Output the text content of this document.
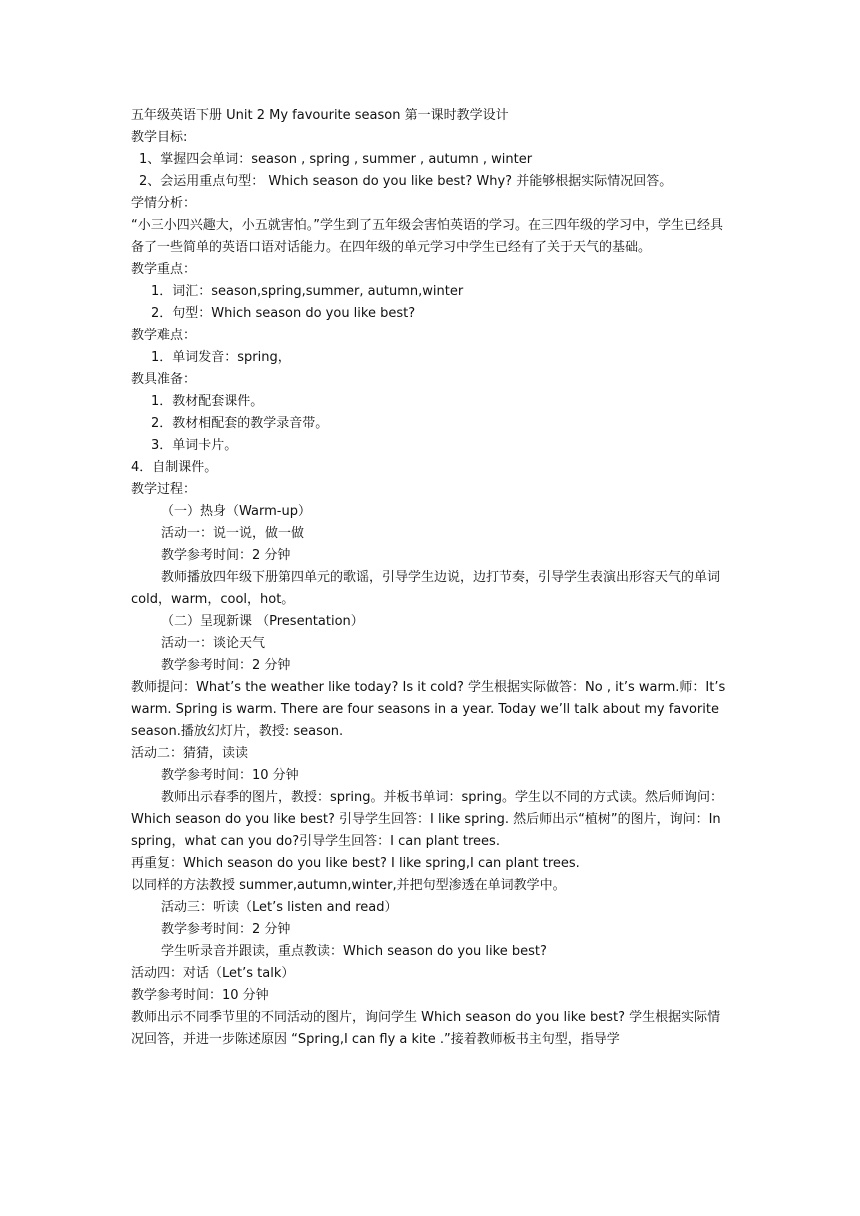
五年级英语下册 Unit 2 My favourite season 第一课时教学设计
教学目标:
1、掌握四会单词：season , spring , summer , autumn , winter
2、会运用重点句型： Which season do you like best? Why? 并能够根据实际情况回答。
学情分析：
“小三小四兴趣大，小五就害怕。”学生到了五年级会害怕英语的学习。在三四年级的学习中，学生已经具备了一些简单的英语口语对话能力。在四年级的单元学习中学生已经有了关于天气的基础。
教学重点：
1．词汇：season,spring,summer, autumn,winter
2．句型：Which season do you like best?
教学难点：
1．单词发音：spring，
教具准备：
1．教材配套课件。
2．教材相配套的教学录音带。
3．单词卡片。
4．自制课件。
教学过程：
（一）热身（Warm-up）
活动一：说一说，做一做
教学参考时间：2 分钟
教师播放四年级下册第四单元的歌谣，引导学生边说，边打节奏，引导学生表演出形容天气的单词 cold，warm，cool，hot。
（二）呈现新课 （Presentation）
活动一：谈论天气
教学参考时间：2 分钟
教师提问：What’s the weather like today? Is it cold? 学生根据实际做答：No , it’s warm.师：It’s warm. Spring is warm. There are four seasons in a year. Today we’ll talk about my favorite season.播放幻灯片，教授: season.
活动二：猜猜，读读
教学参考时间：10 分钟
教师出示春季的图片，教授：spring。并板书单词：spring。学生以不同的方式读。然后师询问：Which season do you like best? 引导学生回答：I like spring. 然后师出示“植树”的图片，询问：In spring，what can you do?引导学生回答：I can plant trees.
再重复：Which season do you like best? I like spring,I can plant trees.
以同样的方法教授 summer,autumn,winter,并把句型渗透在单词教学中。
活动三：听读（Let’s listen and read）
教学参考时间：2 分钟
学生听录音并跟读，重点教读：Which season do you like best?
活动四：对话（Let’s talk）
教学参考时间：10 分钟
教师出示不同季节里的不同活动的图片，询问学生 Which season do you like best? 学生根据实际情况回答，并进一步陈述原因 “Spring,I can fly a kite .”接着教师板书主句型，指导学
